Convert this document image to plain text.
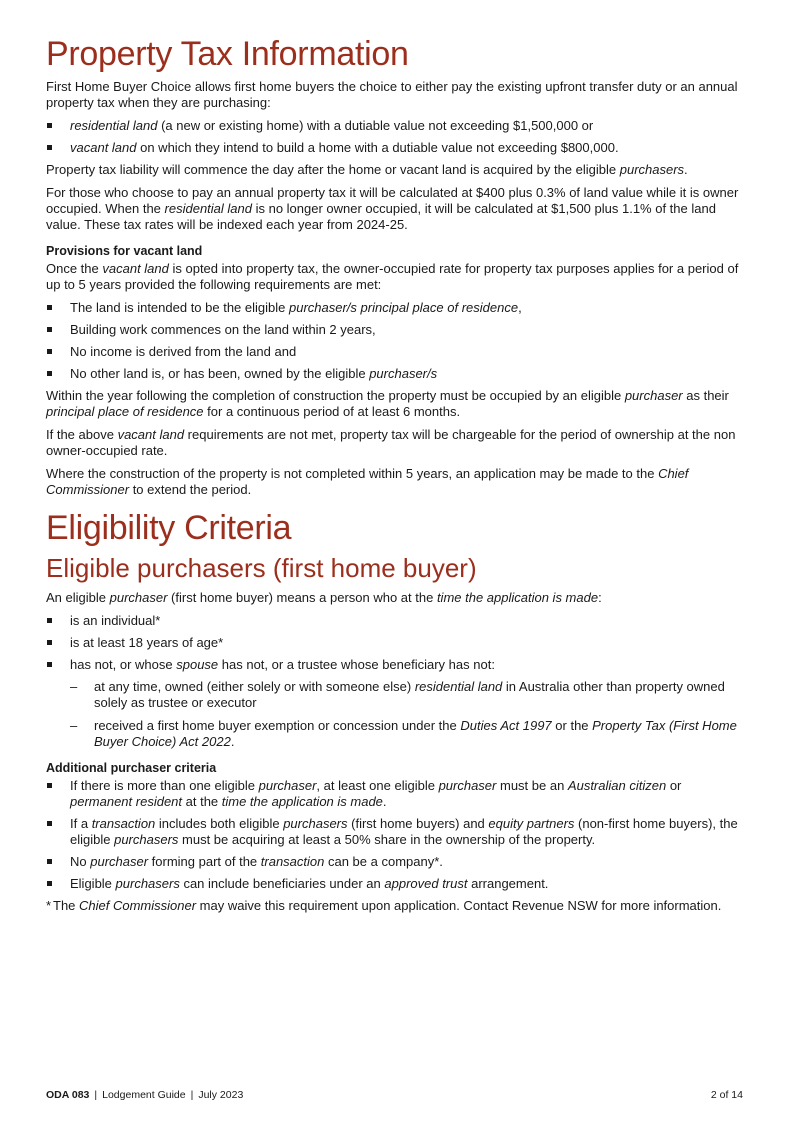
Property Tax Information

First Home Buyer Choice allows first home buyers the choice to either pay the existing upfront transfer duty or an annual property tax when they are purchasing:

residential land (a new or existing home) with a dutiable value not exceeding $1,500,000 or
vacant land on which they intend to build a home with a dutiable value not exceeding $800,000.

Property tax liability will commence the day after the home or vacant land is acquired by the eligible purchasers.

For those who choose to pay an annual property tax it will be calculated at $400 plus 0.3% of land value while it is owner occupied. When the residential land is no longer owner occupied, it will be calculated at $1,500 plus 1.1% of the land value. These tax rates will be indexed each year from 2024-25.

Provisions for vacant land

Once the vacant land is opted into property tax, the owner-occupied rate for property tax purposes applies for a period of up to 5 years provided the following requirements are met:

The land is intended to be the eligible purchaser/s principal place of residence,
Building work commences on the land within 2 years,
No income is derived from the land and
No other land is, or has been, owned by the eligible purchaser/s

Within the year following the completion of construction the property must be occupied by an eligible purchaser as their principal place of residence for a continuous period of at least 6 months.

If the above vacant land requirements are not met, property tax will be chargeable for the period of ownership at the non owner-occupied rate.

Where the construction of the property is not completed within 5 years, an application may be made to the Chief Commissioner to extend the period.

Eligibility Criteria
Eligible purchasers (first home buyer)

An eligible purchaser (first home buyer) means a person who at the time the application is made:

is an individual*
is at least 18 years of age*
has not, or whose spouse has not, or a trustee whose beneficiary has not:
– at any time, owned (either solely or with someone else) residential land in Australia other than property owned solely as trustee or executor
– received a first home buyer exemption or concession under the Duties Act 1997 or the Property Tax (First Home Buyer Choice) Act 2022.
Additional purchaser criteria
If there is more than one eligible purchaser, at least one eligible purchaser must be an Australian citizen or permanent resident at the time the application is made.
If a transaction includes both eligible purchasers (first home buyers) and equity partners (non-first home buyers), the eligible purchasers must be acquiring at least a 50% share in the ownership of the property.
No purchaser forming part of the transaction can be a company*.
Eligible purchasers can include beneficiaries under an approved trust arrangement.
* The Chief Commissioner may waive this requirement upon application. Contact Revenue NSW for more information.
ODA 083 | Lodgement Guide | July 2023	2 of 14
